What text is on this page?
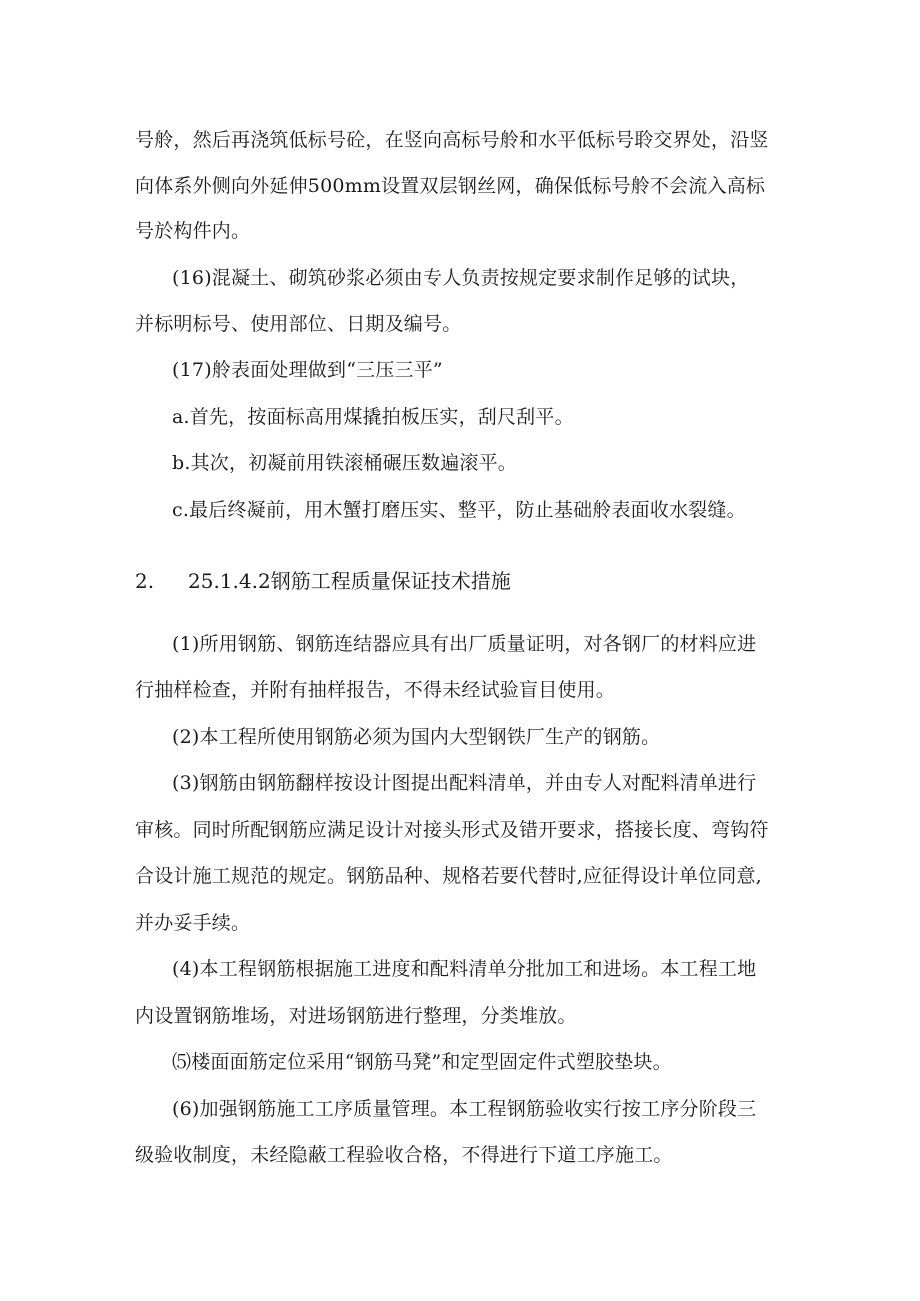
号舲，然后再浇筑低标号砼，在竖向高标号舲和水平低标号聆交界处，沿竖
向体系外侧向外延伸500mm设置双层钢丝网，确保低标号舲不会流入高标
号於构件内。
(16)混凝土、砌筑砂浆必须由专人负责按规定要求制作足够的试块，
并标明标号、使用部位、日期及编号。
(17)舲表面处理做到“三压三平”
a.首先，按面标高用煤撬拍板压实，刮尺刮平。
b.其次，初凝前用铁滚桶碾压数遍滚平。
c.最后终凝前，用木蟹打磨压实、整平，防止基础舲表面收水裂缝。
2. 25.1.4.2钢筋工程质量保证技术措施
(1)所用钢筋、钢筋连结器应具有出厂质量证明，对各钢厂的材料应进
行抽样检查，并附有抽样报告，不得未经试验盲目使用。
(2)本工程所使用钢筋必须为国内大型钢铁厂生产的钢筋。
(3)钢筋由钢筋翻样按设计图提出配料清单，并由专人对配料清单进行
审核。同时所配钢筋应满足设计对接头形式及错开要求，搭接长度、弯钩符
合设计施工规范的规定。钢筋品种、规格若要代替时,应征得设计单位同意,
并办妥手续。
(4)本工程钢筋根据施工进度和配料清单分批加工和进场。本工程工地
内设置钢筋堆场，对进场钢筋进行整理，分类堆放。
⑸楼面面筋定位采用“钢筋马凳”和定型固定件式塑胶垫块。
(6)加强钢筋施工工序质量管理。本工程钢筋验收实行按工序分阶段三
级验收制度，未经隐蔽工程验收合格，不得进行下道工序施工。
